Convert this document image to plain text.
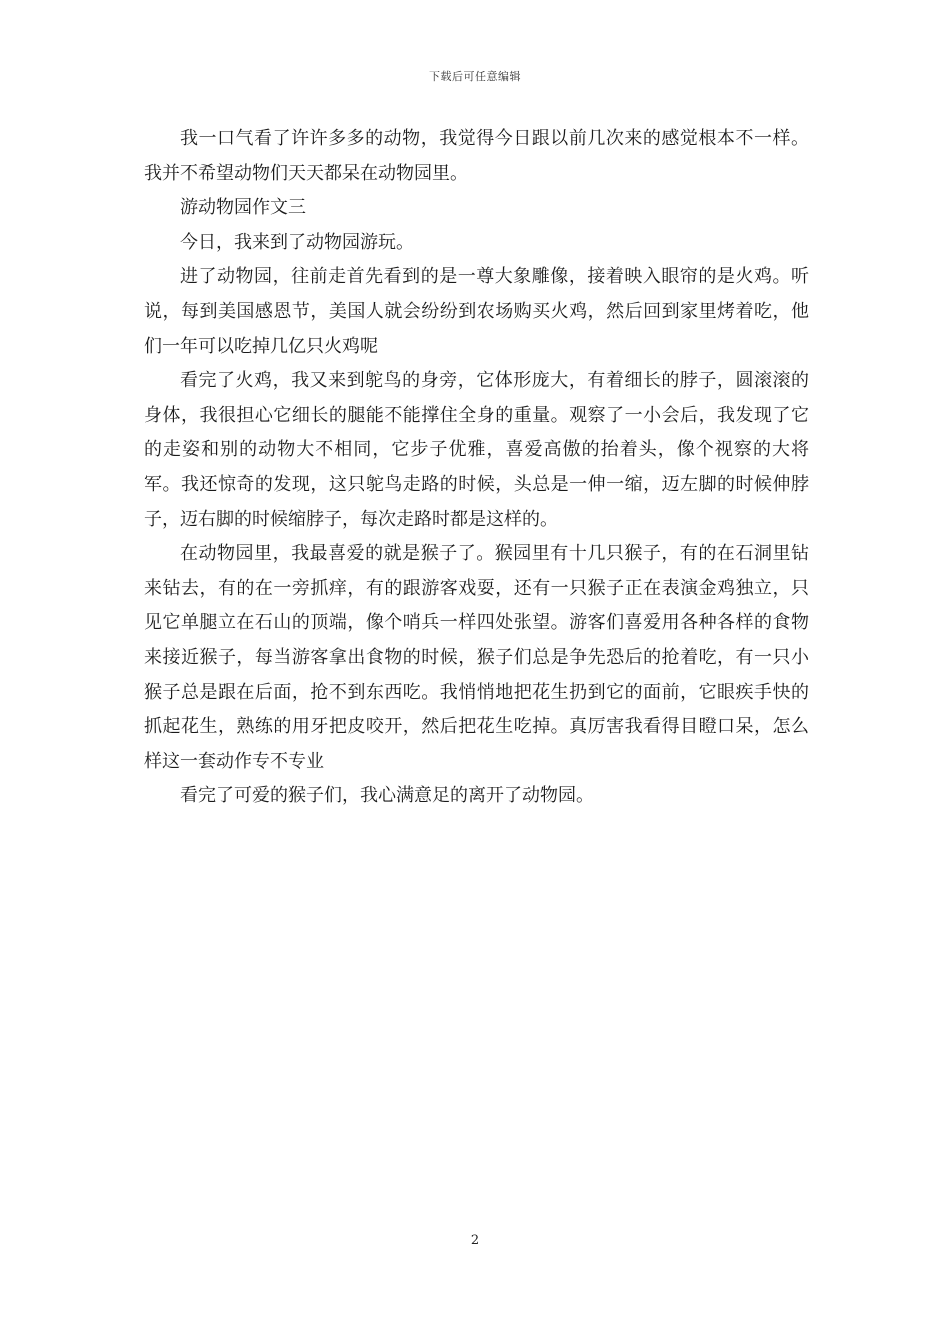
下载后可任意编辑

我一口气看了许许多多的动物，我觉得今日跟以前几次来的感觉根本不一样。我并不希望动物们天天都呆在动物园里。

游动物园作文三

今日，我来到了动物园游玩。

进了动物园，往前走首先看到的是一尊大象雕像，接着映入眼帘的是火鸡。听说，每到美国感恩节，美国人就会纷纷到农场购买火鸡，然后回到家里烤着吃，他们一年可以吃掉几亿只火鸡呢

看完了火鸡，我又来到鸵鸟的身旁，它体形庞大，有着细长的脖子，圆滚滚的身体，我很担心它细长的腿能不能撑住全身的重量。观察了一小会后，我发现了它的走姿和别的动物大不相同，它步子优雅，喜爱高傲的抬着头，像个视察的大将军。我还惊奇的发现，这只鸵鸟走路的时候，头总是一伸一缩，迈左脚的时候伸脖子，迈右脚的时候缩脖子，每次走路时都是这样的。

在动物园里，我最喜爱的就是猴子了。猴园里有十几只猴子，有的在石洞里钻来钻去，有的在一旁抓痒，有的跟游客戏耍，还有一只猴子正在表演金鸡独立，只见它单腿立在石山的顶端，像个哨兵一样四处张望。游客们喜爱用各种各样的食物来接近猴子，每当游客拿出食物的时候，猴子们总是争先恐后的抢着吃，有一只小猴子总是跟在后面，抢不到东西吃。我悄悄地把花生扔到它的面前，它眼疾手快的抓起花生，熟练的用牙把皮咬开，然后把花生吃掉。真厉害我看得目瞪口呆，怎么样这一套动作专不专业

看完了可爱的猴子们，我心满意足的离开了动物园。

2
